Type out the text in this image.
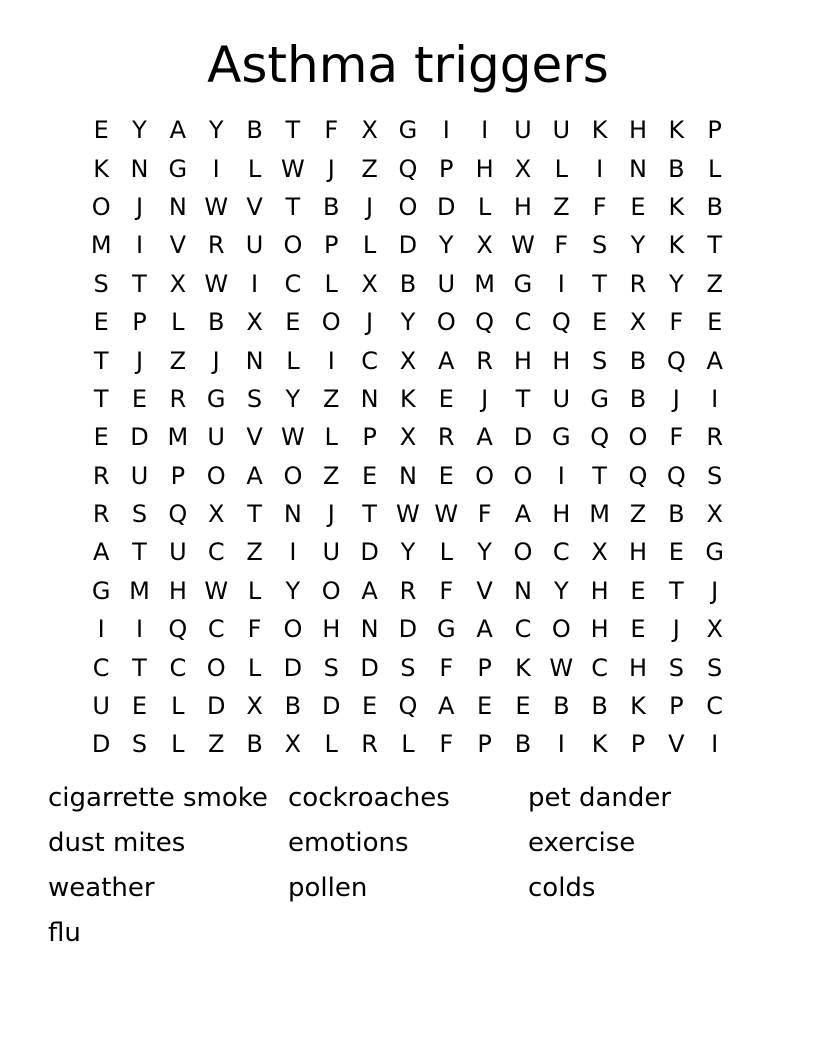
Asthma triggers
E Y A Y B T	F X G	I	I	U U K H K P
K N G	I	L W J	Z Q P H X L	I	N B L
O	J	N W V T B	J	O D L H Z F E K B
M	I	V R U O P	L D Y X W F S Y K T
S T X W I	C L X B U M G	I	T R Y Z
E P	L B X E O	J	Y O Q C Q E X F E
T	J	Z	J	N L	I	C X A R H H S B Q A
T E R G S Y Z N K E	J	T U G B	J	I
E D M U V W L	P X R A D G Q O F R
R U P O A O Z E N E O O	I	T Q Q S
R S Q X T N	J	T W W F A H M Z B X
A T U C Z	I	U D Y	L	Y O C X H E G
G M H W L	Y O A R F V N Y H E T	J
I	I	Q C F O H N D G A C O H E	J	X
C T C O L D S D S F	P K W C H S S
U E	L D X B D E Q A E E B B K P C
D S	L Z B X L R L	F	P B	I	K P V	I
cigarrette smoke cockroaches	pet dander
dust mites	emotions	exercise
weather	pollen	colds
flu
